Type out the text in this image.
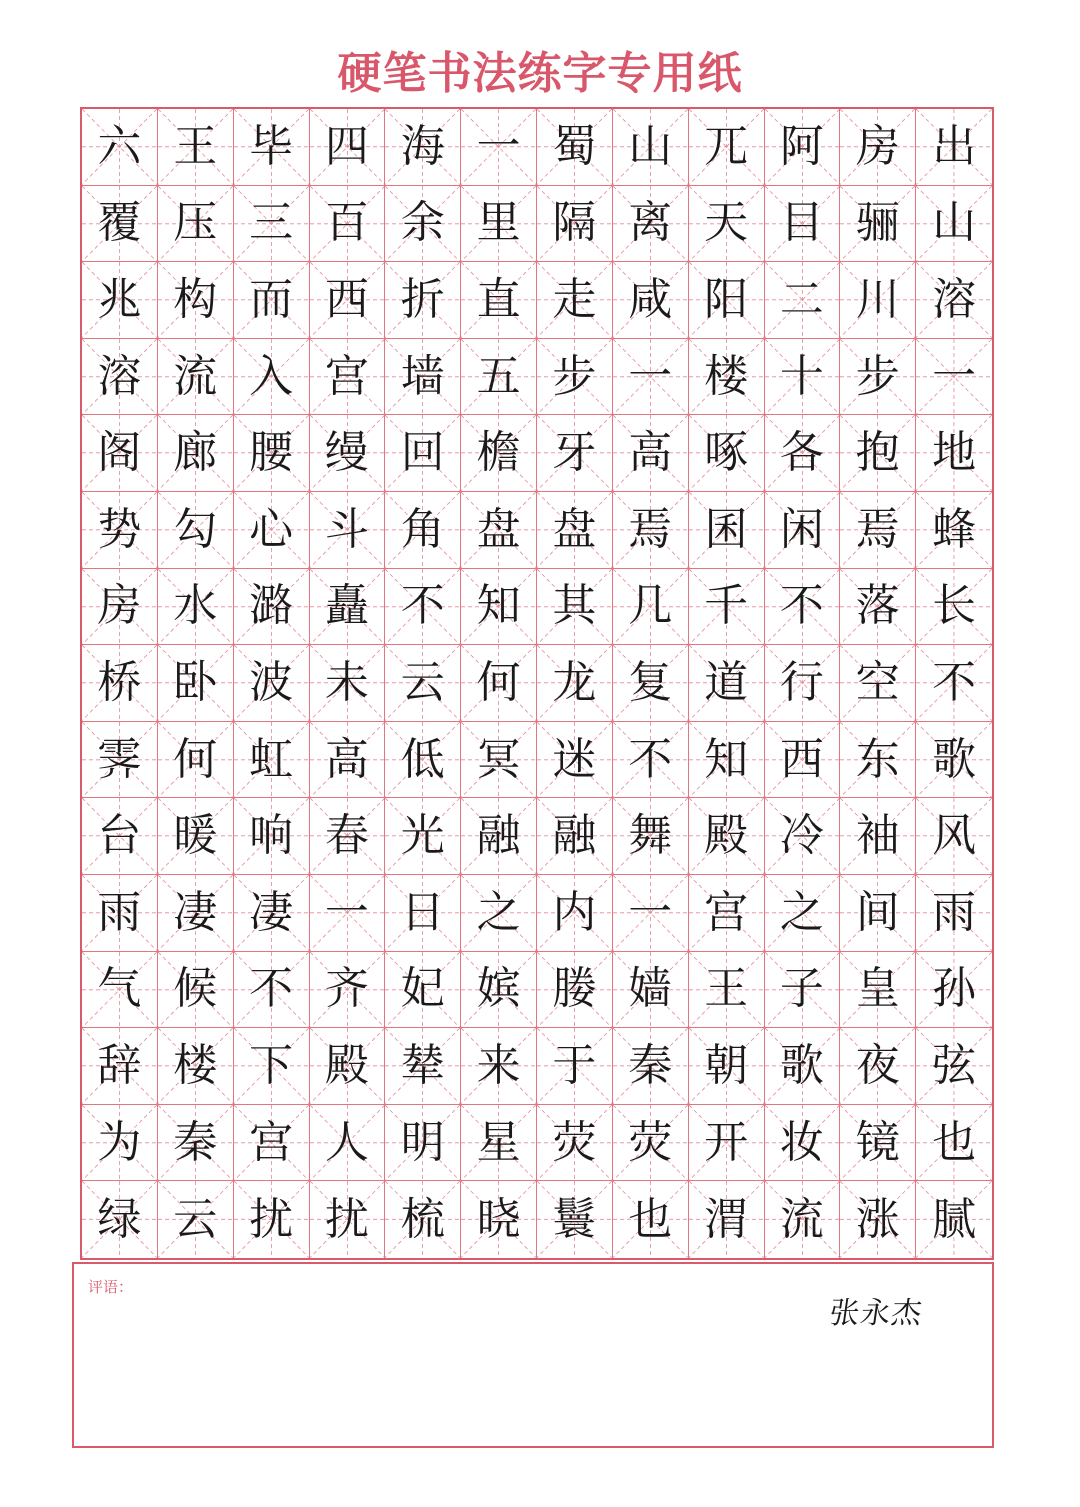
硬笔书法练字专用纸
六 王 毕 四 海 一 蜀 山 兀 阿 房 出
覆 压 三 百 余 里 隔 离 天 目 骊 山
兆 构 而 西 折 直 走 咸 阳 二 川 溶
溶 流 入 宫 墙 五 步 一 楼 十 步 一
阁 廊 腰 缦 回 檐 牙 高 啄 各 抱 地
势 勾 心 斗 角 盘 盘 焉 囷 闲 焉 蜂
房 水 潞 矗 不 知 其 几 千 不 落 长
桥 卧 波 未 云 何 龙 复 道 行 空 不
霁 何 虹 高 低 冥 迷 不 知 西 东 歌
台 暖 响 春 光 融 融 舞 殿 冷 袖 风
雨 凄 凄 一 日 之 内 一 宫 之 间 雨
气 候 不 齐 妃 嫔 媵 嫱 王 子 皇 孙
辞 楼 下 殿 辇 来 于 秦 朝 歌 夜 弦
为 秦 宫 人 明 星 荧 荧 开 妆 镜 也
绿 云 扰 扰 梳 晓 鬟 也 渭 流 涨 腻
评语：
张永杰
